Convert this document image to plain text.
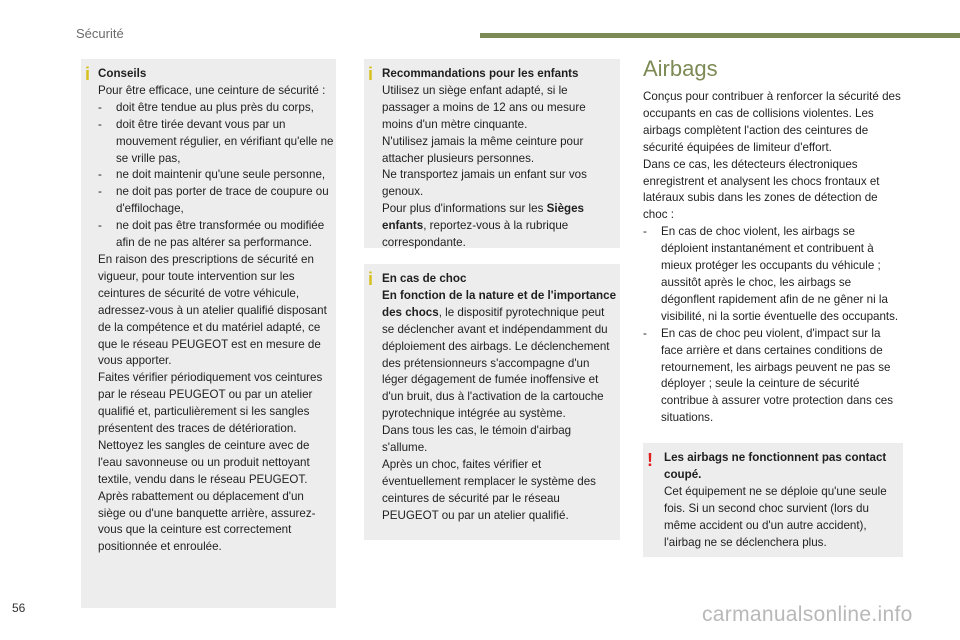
Sécurité
i Conseils

Pour être efficace, une ceinture de sécurité :

- doit être tendue au plus près du corps,
- doit être tirée devant vous par un mouvement régulier, en vérifiant qu'elle ne se vrille pas,
- ne doit maintenir qu'une seule personne,
- ne doit pas porter de trace de coupure ou d'effilochage,
- ne doit pas être transformée ou modifiée afin de ne pas altérer sa performance.

En raison des prescriptions de sécurité en vigueur, pour toute intervention sur les ceintures de sécurité de votre véhicule, adressez-vous à un atelier qualifié disposant de la compétence et du matériel adapté, ce que le réseau PEUGEOT est en mesure de vous apporter.

Faites vérifier périodiquement vos ceintures par le réseau PEUGEOT ou par un atelier qualifié et, particulièrement si les sangles présentent des traces de détérioration.

Nettoyez les sangles de ceinture avec de l'eau savonneuse ou un produit nettoyant textile, vendu dans le réseau PEUGEOT.

Après rabattement ou déplacement d'un siège ou d'une banquette arrière, assurez-vous que la ceinture est correctement positionnée et enroulée.

i Recommandations pour les enfants

Utilisez un siège enfant adapté, si le passager a moins de 12 ans ou mesure moins d'un mètre cinquante.

N'utilisez jamais la même ceinture pour attacher plusieurs personnes.

Ne transportez jamais un enfant sur vos genoux.

Pour plus d'informations sur les Sièges enfants, reportez-vous à la rubrique correspondante.

i En cas de choc

En fonction de la nature et de l'importance des chocs, le dispositif pyrotechnique peut se déclencher avant et indépendamment du déploiement des airbags. Le déclenchement des prétensionneurs s'accompagne d'un léger dégagement de fumée inoffensive et d'un bruit, dus à l'activation de la cartouche pyrotechnique intégrée au système.

Dans tous les cas, le témoin d'airbag s'allume.

Après un choc, faites vérifier et éventuellement remplacer le système des ceintures de sécurité par le réseau PEUGEOT ou par un atelier qualifié.

Airbags

Conçus pour contribuer à renforcer la sécurité des occupants en cas de collisions violentes. Les airbags complètent l'action des ceintures de sécurité équipées de limiteur d'effort.

Dans ce cas, les détecteurs électroniques enregistrent et analysent les chocs frontaux et latéraux subis dans les zones de détection de choc :

- En cas de choc violent, les airbags se déploient instantanément et contribuent à mieux protéger les occupants du véhicule ; aussitôt après le choc, les airbags se dégonflent rapidement afin de ne gêner ni la visibilité, ni la sortie éventuelle des occupants.
- En cas de choc peu violent, d'impact sur la face arrière et dans certaines conditions de retournement, les airbags peuvent ne pas se déployer ; seule la ceinture de sécurité contribue à assurer votre protection dans ces situations.
! Les airbags ne fonctionnent pas contact coupé.

Cet équipement ne se déploie qu'une seule fois. Si un second choc survient (lors du même accident ou d'un autre accident), l'airbag ne se déclenchera plus.

56	carmanualsonline.info
